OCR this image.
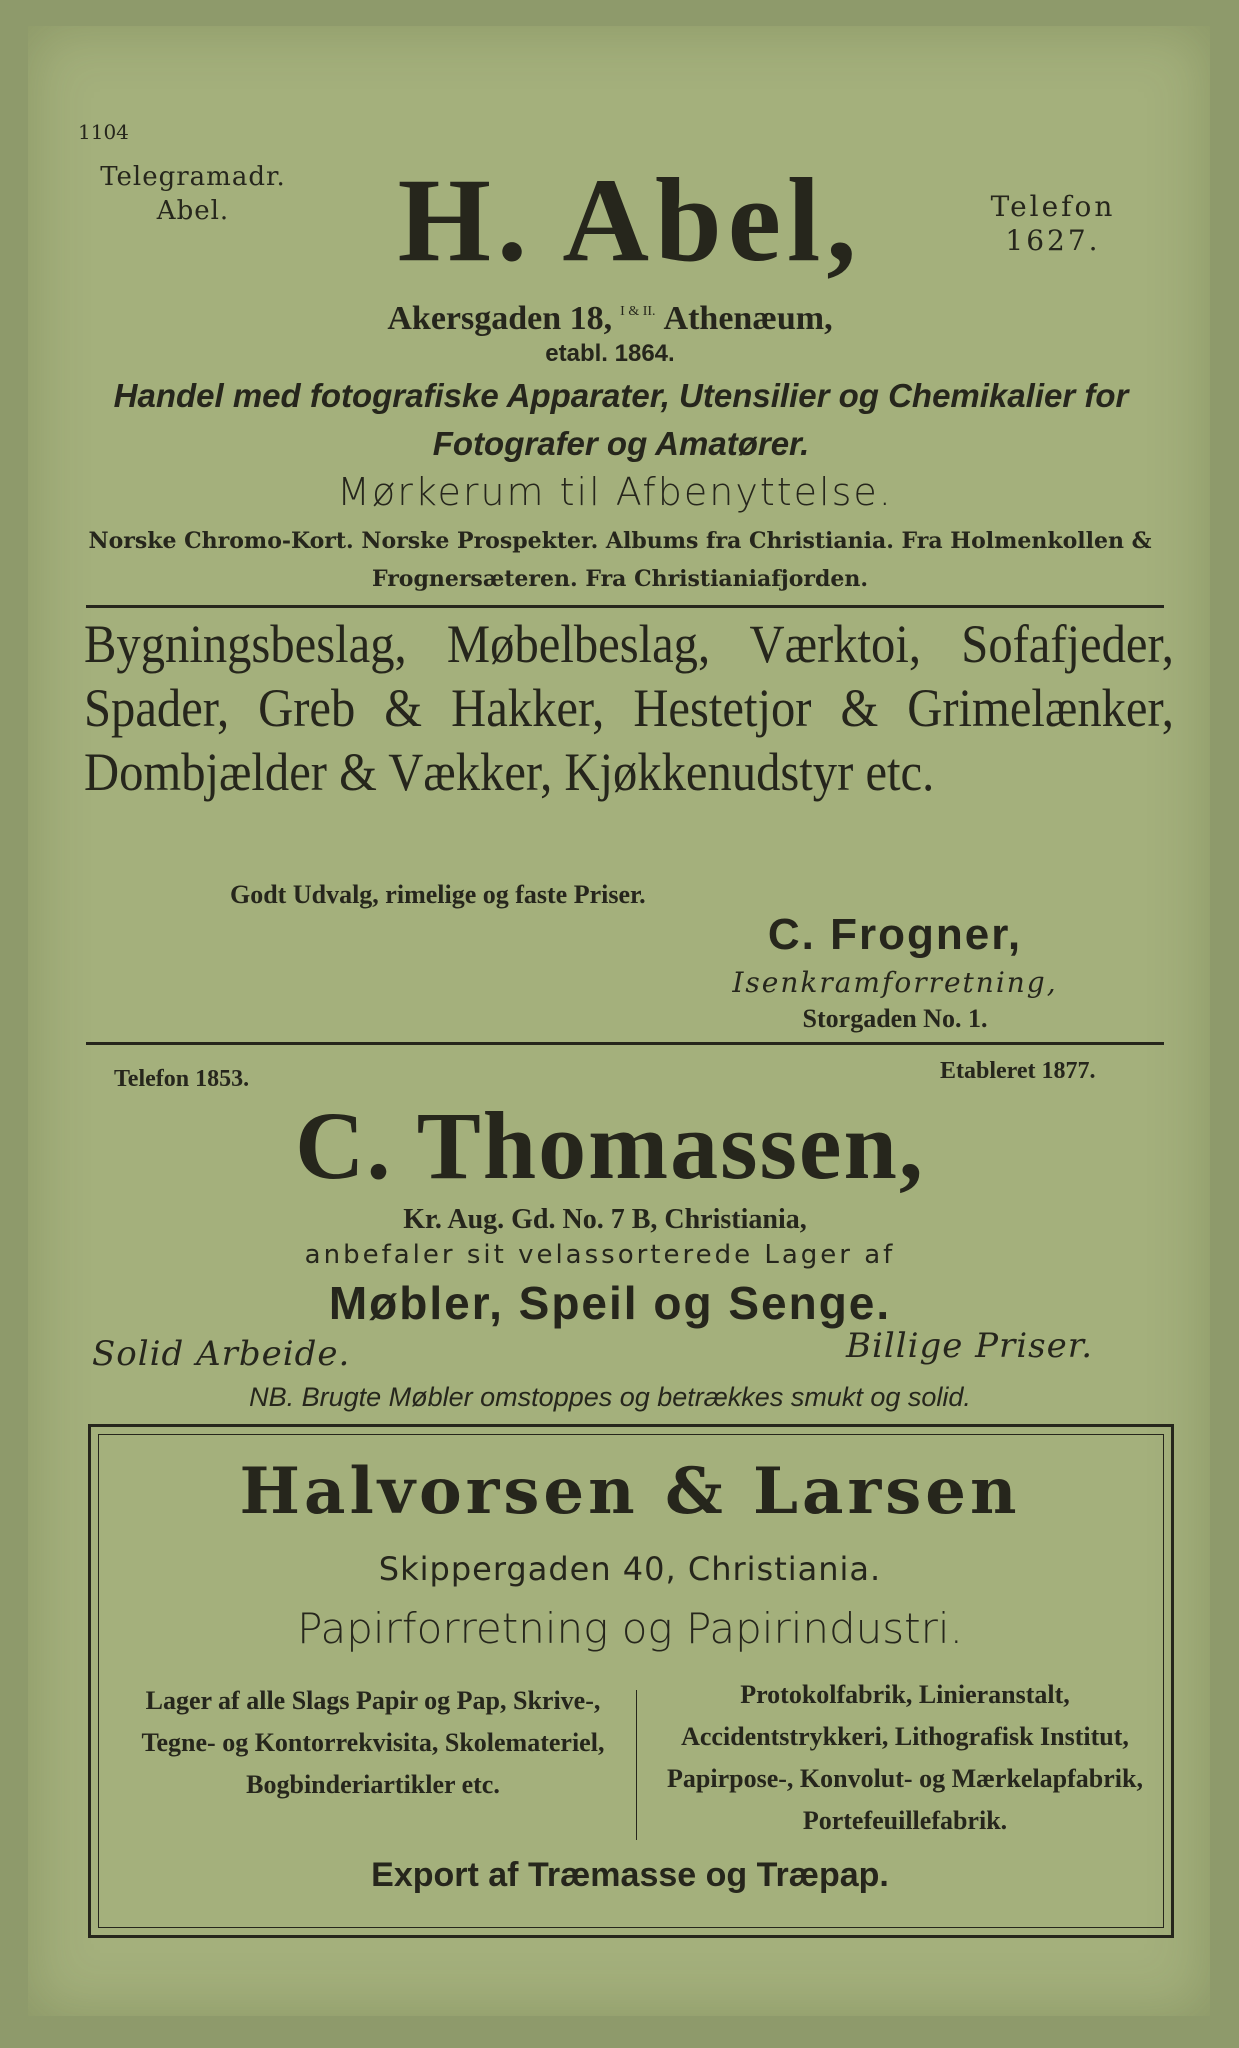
1104

Telegramadr.
Abel.	Telefon
1627.

H. Abel,

Akersgaden 18, $^{I \& II.}$ Athenæum,

etabl. 1864.

Handel med fotografiske Apparater, Utensilier og Chemikalier for Fotografer og Amatører.

Mørkerum til Afbenyttelse.

Norske Chromo-Kort. Norske Prospekter. Albums fra Christiania. Fra Holmenkollen & Frognersæteren. Fra Christianiafjorden.

Bygningsbeslag, Møbelbeslag, Værktoi, Sofafjeder, Spader, Greb & Hakker, Hestetjor & Grimelænker, Dombjælder & Vækker, Kjøkkenudstyr etc.

Godt Udvalg, rimelige og faste Priser.

C. Frogner,

Isenkramforretning,

Storgaden No. 1.

Telefon 1853.	Etableret 1877.

C. Thomassen,

Kr. Aug. Gd. No. 7 B, Christiania,

anbefaler sit velassorterede Lager af

Møbler, Speil og Senge.

Solid Arbeide.	Billige Priser.

NB. Brugte Møbler omstoppes og betrækkes smukt og solid.

Halvorsen & Larsen

Skippergaden 40, Christiania.

Papirforretning og Papirindustri.

Lager af alle Slags Papir og Pap, Skrive-, Tegne- og Kontorrekvisita, Skolemateriel, Bogbinderiartikler etc.

Protokolfabrik, Linieranstalt, Accidentstrykkeri, Lithografisk Institut, Papirpose-, Konvolut- og Mærkelapfabrik, Portefeuillefabrik.

Export af Træmasse og Træpap.
